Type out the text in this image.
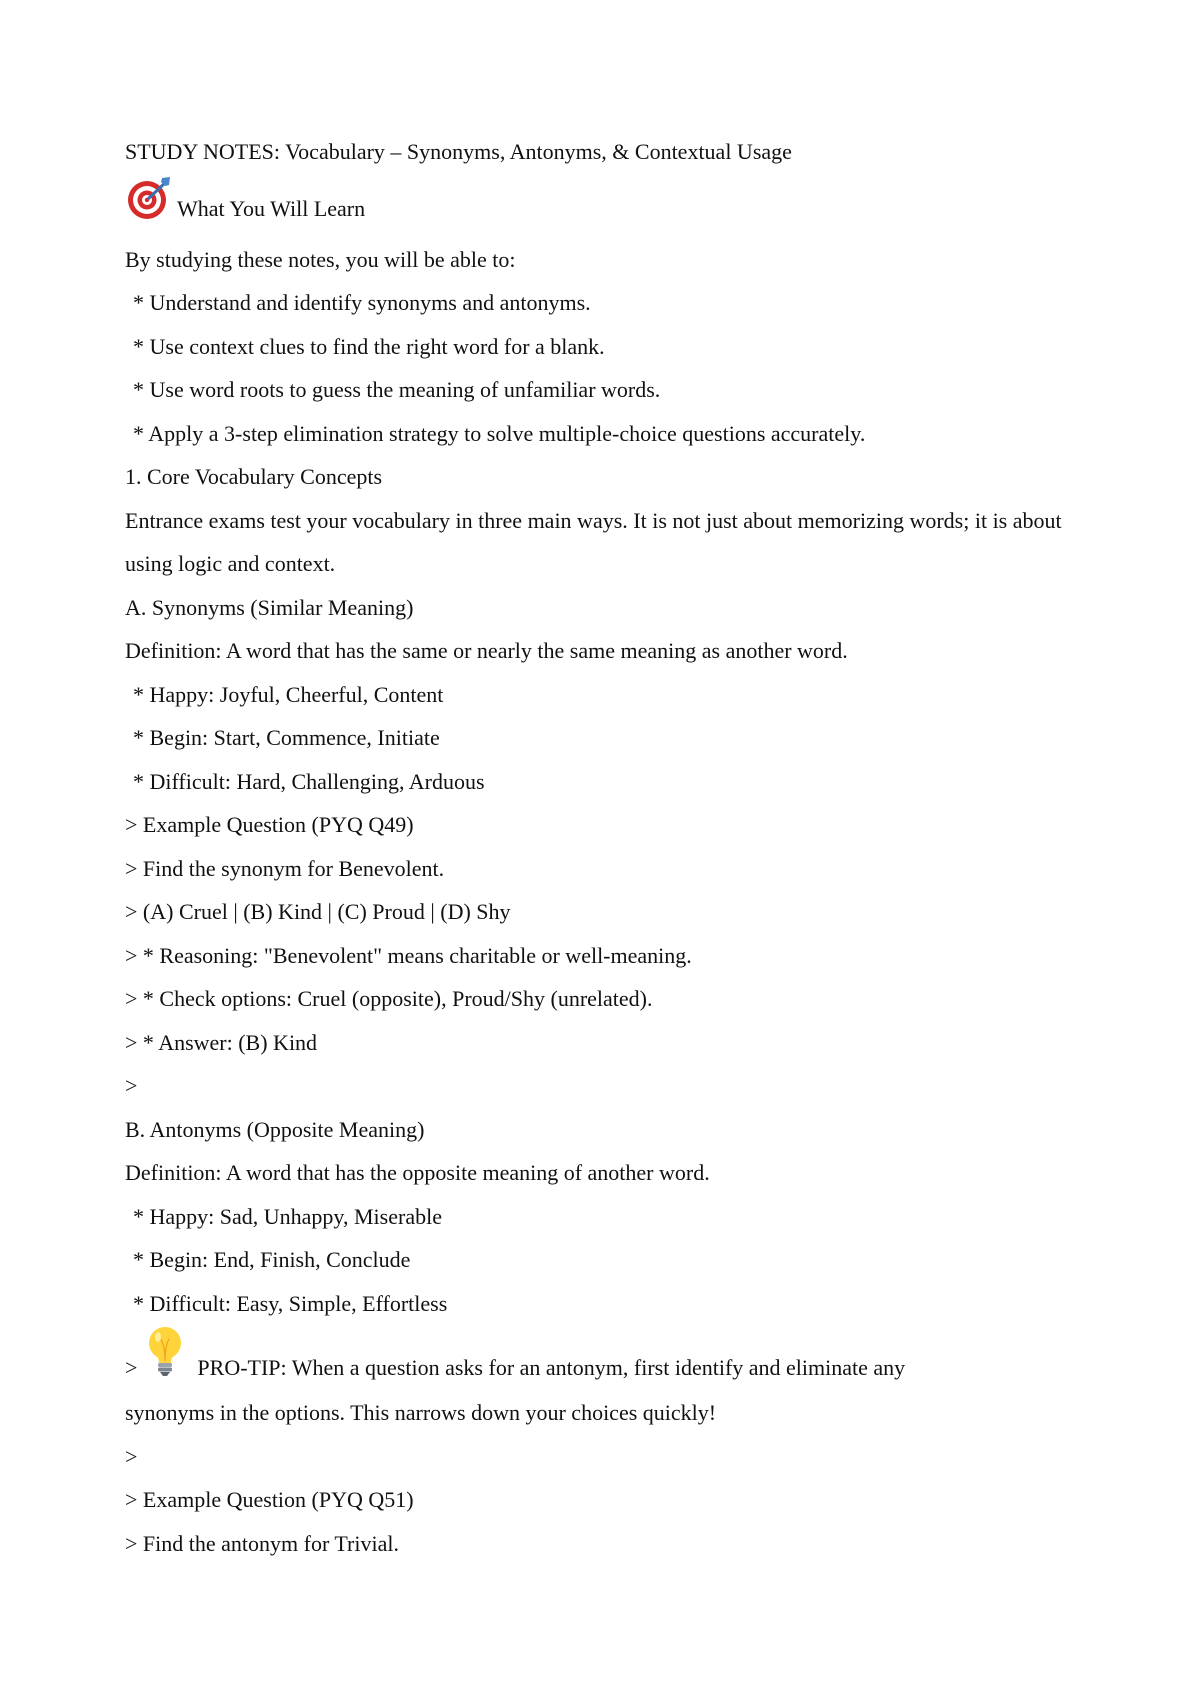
STUDY NOTES: Vocabulary – Synonyms, Antonyms, & Contextual Usage
What You Will Learn
By studying these notes, you will be able to:
* Understand and identify synonyms and antonyms.
* Use context clues to find the right word for a blank.
* Use word roots to guess the meaning of unfamiliar words.
* Apply a 3-step elimination strategy to solve multiple-choice questions accurately.
1. Core Vocabulary Concepts
Entrance exams test your vocabulary in three main ways. It is not just about memorizing words; it is about using logic and context.
A. Synonyms (Similar Meaning)
Definition: A word that has the same or nearly the same meaning as another word.
* Happy: Joyful, Cheerful, Content
* Begin: Start, Commence, Initiate
* Difficult: Hard, Challenging, Arduous
> Example Question (PYQ Q49)
> Find the synonym for Benevolent.
> (A) Cruel | (B) Kind | (C) Proud | (D) Shy
> * Reasoning: "Benevolent" means charitable or well-meaning.
> * Check options: Cruel (opposite), Proud/Shy (unrelated).
> * Answer: (B) Kind
>
B. Antonyms (Opposite Meaning)
Definition: A word that has the opposite meaning of another word.
* Happy: Sad, Unhappy, Miserable
* Begin: End, Finish, Conclude
* Difficult: Easy, Simple, Effortless
>	PRO-TIP: When a question asks for an antonym, first identify and eliminate any
synonyms in the options. This narrows down your choices quickly!
>
> Example Question (PYQ Q51)
> Find the antonym for Trivial.
